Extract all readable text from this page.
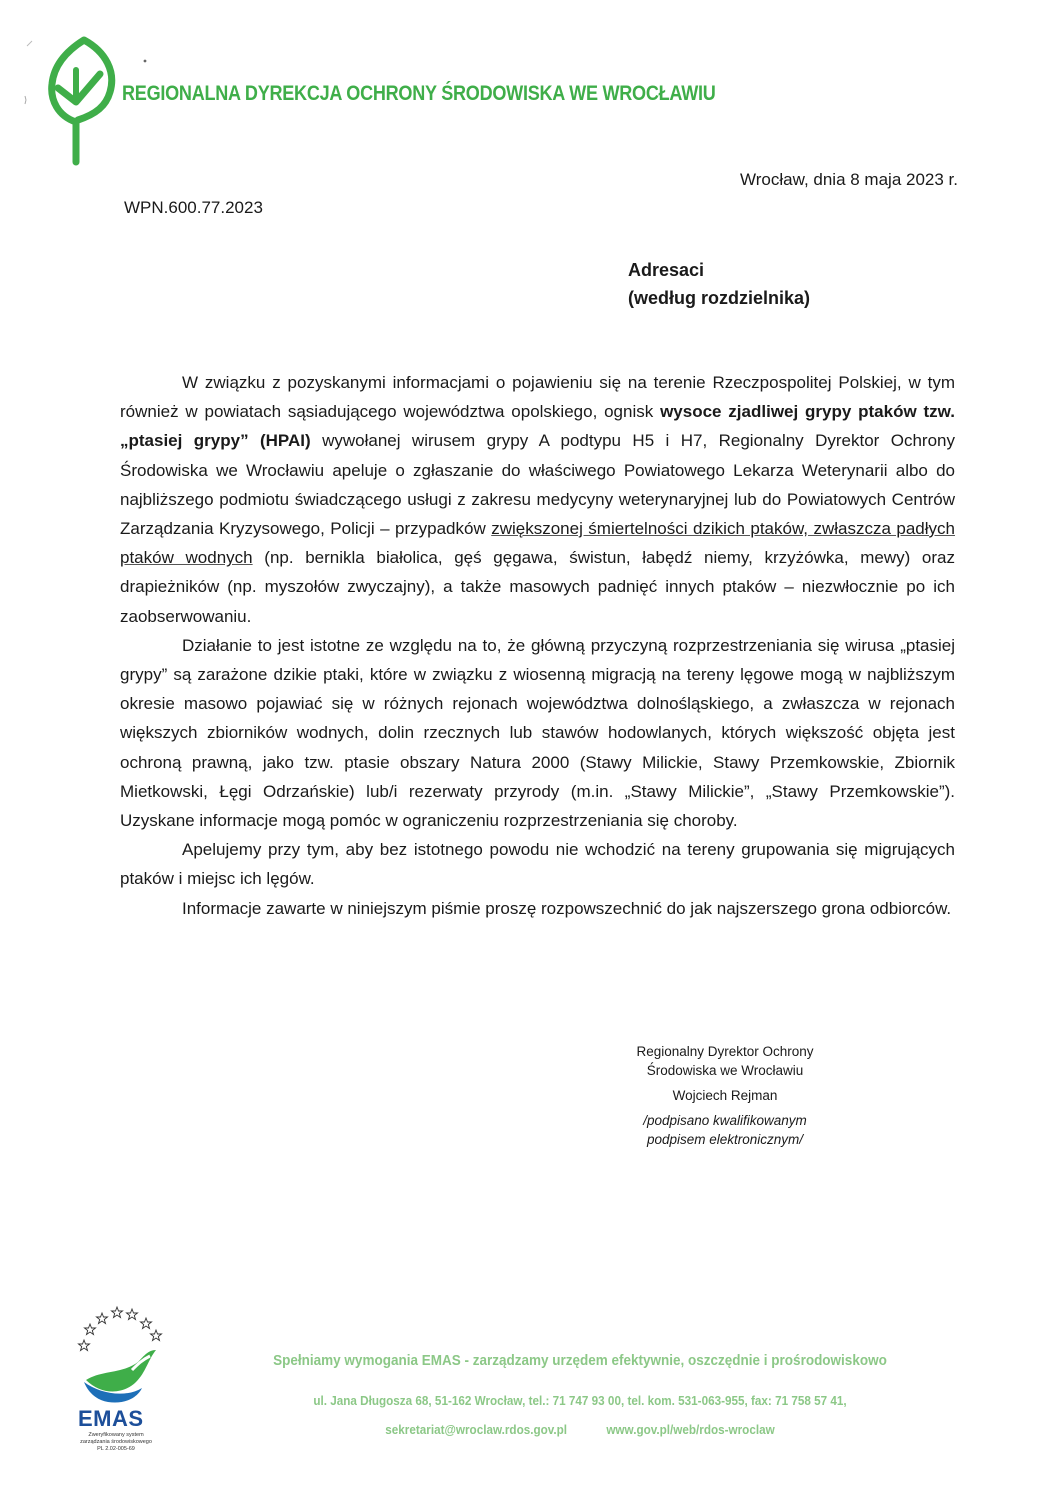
REGIONALNA DYREKCJA OCHRONY ŚRODOWISKA WE WROCŁAWIU
Wrocław, dnia 8 maja 2023 r.
WPN.600.77.2023
Adresaci
(według rozdzielnika)

W związku z pozyskanymi informacjami o pojawieniu się na terenie Rzeczpospolitej Polskiej, w tym również w powiatach sąsiadującego województwa opolskiego, ognisk wysoce zjadliwej grypy ptaków tzw. „ptasiej grypy” (HPAI) wywołanej wirusem grypy A podtypu H5 i H7, Regionalny Dyrektor Ochrony Środowiska we Wrocławiu apeluje o zgłaszanie do właściwego Powiatowego Lekarza Weterynarii albo do najbliższego podmiotu świadczącego usługi z zakresu medycyny weterynaryjnej lub do Powiatowych Centrów Zarządzania Kryzysowego, Policji – przypadków zwiększonej śmiertelności dzikich ptaków, zwłaszcza padłych ptaków wodnych (np. bernikla białolica, gęś gęgawa, świstun, łabędź niemy, krzyżówka, mewy) oraz drapieżników (np. myszołów zwyczajny), a także masowych padnięć innych ptaków – niezwłocznie po ich zaobserwowaniu.

Działanie to jest istotne ze względu na to, że główną przyczyną rozprzestrzeniania się wirusa „ptasiej grypy” są zarażone dzikie ptaki, które w związku z wiosenną migracją na tereny lęgowe mogą w najbliższym okresie masowo pojawiać się w różnych rejonach województwa dolnośląskiego, a zwłaszcza w rejonach większych zbiorników wodnych, dolin rzecznych lub stawów hodowlanych, których większość objęta jest ochroną prawną, jako tzw. ptasie obszary Natura 2000 (Stawy Milickie, Stawy Przemkowskie, Zbiornik Mietkowski, Łęgi Odrzańskie) lub/i rezerwaty przyrody (m.in. „Stawy Milickie”, „Stawy Przemkowskie”). Uzyskane informacje mogą pomóc w ograniczeniu rozprzestrzeniania się choroby.

Apelujemy przy tym, aby bez istotnego powodu nie wchodzić na tereny grupowania się migrujących ptaków i miejsc ich lęgów.

Informacje zawarte w niniejszym piśmie proszę rozpowszechnić do jak najszerszego grona odbiorców.

Regionalny Dyrektor Ochrony
Środowiska we Wrocławiu
Wojciech Rejman
/podpisano kwalifikowanym
podpisem elektronicznym/
EMAS
Zweryfikowany system zarządzania środowiskowego PL 2.02-005-69
Spełniamy wymogania EMAS - zarządzamy urzędem efektywnie, oszczędnie i prośrodowiskowo
ul. Jana Długosza 68, 51-162 Wrocław, tel.: 71 747 93 00, tel. kom. 531-063-955, fax: 71 758 57 41,
sekretariat@wroclaw.rdos.gov.pl	www.gov.pl/web/rdos-wroclaw
